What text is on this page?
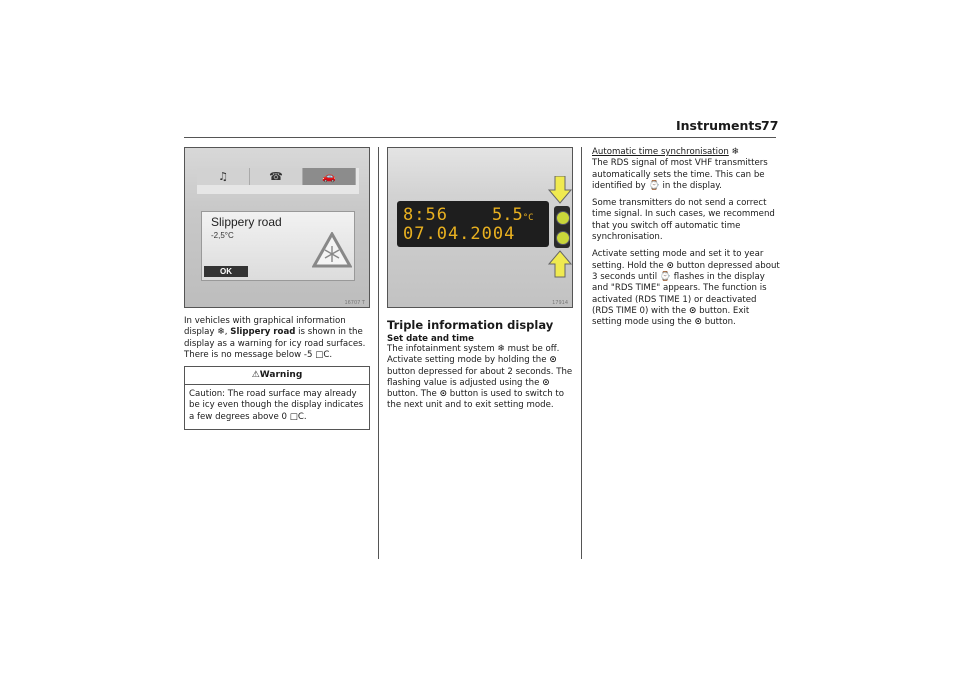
Instruments 77
♫	☎	🚗
Slippery road
-2,5°C
OK
16707 T
In vehicles with graphical information display ❄, Slippery road is shown in the display as a warning for icy road surfaces. There is no message below -5 □C.
⚠Warning
Caution: The road surface may already be icy even though the display indicates a few degrees above 0 □C.
8:56	5.5°C
07.04.2004
17914
Triple information display
Set date and time
The infotainment system ❄ must be off. Activate setting mode by holding the ⊙ button depressed for about 2 seconds. The flashing value is adjusted using the ⊙ button. The ⊙ button is used to switch to the next unit and to exit setting mode.

Automatic time synchronisation ❄
The RDS signal of most VHF transmitters automatically sets the time. This can be identified by ⌚ in the display.

Some transmitters do not send a correct time signal. In such cases, we recommend that you switch off automatic time synchronisation.

Activate setting mode and set it to year setting. Hold the ⊙ button depressed about 3 seconds until ⌚ flashes in the display and "RDS TIME" appears. The function is activated (RDS TIME 1) or deactivated (RDS TIME 0) with the ⊙ button. Exit setting mode using the ⊙ button.
